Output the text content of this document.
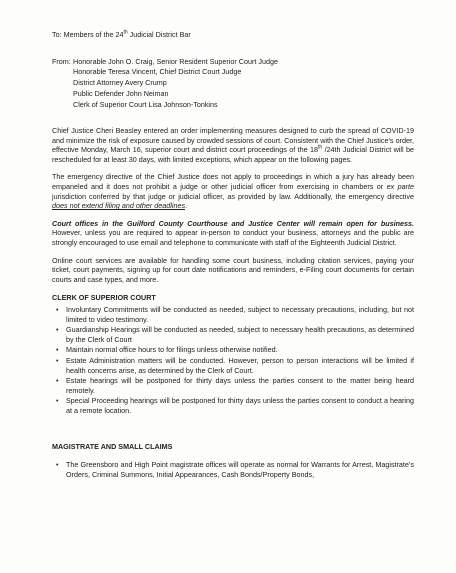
To: Members of the 24th Judicial District Bar
From: Honorable John O. Craig, Senior Resident Superior Court Judge
Honorable Teresa Vincent, Chief District Court Judge
District Attorney Avery Crump
Public Defender John Neiman
Clerk of Superior Court Lisa Johnson-Tonkins

Chief Justice Cheri Beasley entered an order implementing measures designed to curb the spread of COVID-19 and minimize the risk of exposure caused by crowded sessions of court. Consistent with the Chief Justice’s order, effective Monday, March 16, superior court and district court proceedings of the 18th /24th Judicial District will be rescheduled for at least 30 days, with limited exceptions, which appear on the following pages.

The emergency directive of the Chief Justice does not apply to proceedings in which a jury has already been empaneled and it does not prohibit a judge or other judicial officer from exercising in chambers or ex parte jurisdiction conferred by that judge or judicial officer, as provided by law. Additionally, the emergency directive does not extend filing and other deadlines.

Court offices in the Guilford County Courthouse and Justice Center will remain open for business. However, unless you are required to appear in-person to conduct your business, attorneys and the public are strongly encouraged to use email and telephone to communicate with staff of the Eighteenth Judicial District.

Online court services are available for handling some court business, including citation services, paying your ticket, court payments, signing up for court date notifications and reminders, e-Filing court documents for certain courts and case types, and more.

CLERK OF SUPERIOR COURT
• Involuntary Commitments will be conducted as needed, subject to necessary precautions, including, but not limited to video testimony.
• Guardianship Hearings will be conducted as needed, subject to necessary health precautions, as determined by the Clerk of Court
• Maintain normal office hours to for filings unless otherwise notified.
• Estate Administration matters will be conducted. However, person to person interactions will be limited if health concerns arise, as determined by the Clerk of Court.
• Estate hearings will be postponed for thirty days unless the parties consent to the matter being heard remotely.
• Special Proceeding hearings will be postponed for thirty days unless the parties consent to conduct a hearing at a remote location.
MAGISTRATE AND SMALL CLAIMS
• The Greensboro and High Point magistrate offices will operate as normal for Warrants for Arrest, Magistrate’s Orders, Criminal Summons, Initial Appearances, Cash Bonds/Property Bonds,
